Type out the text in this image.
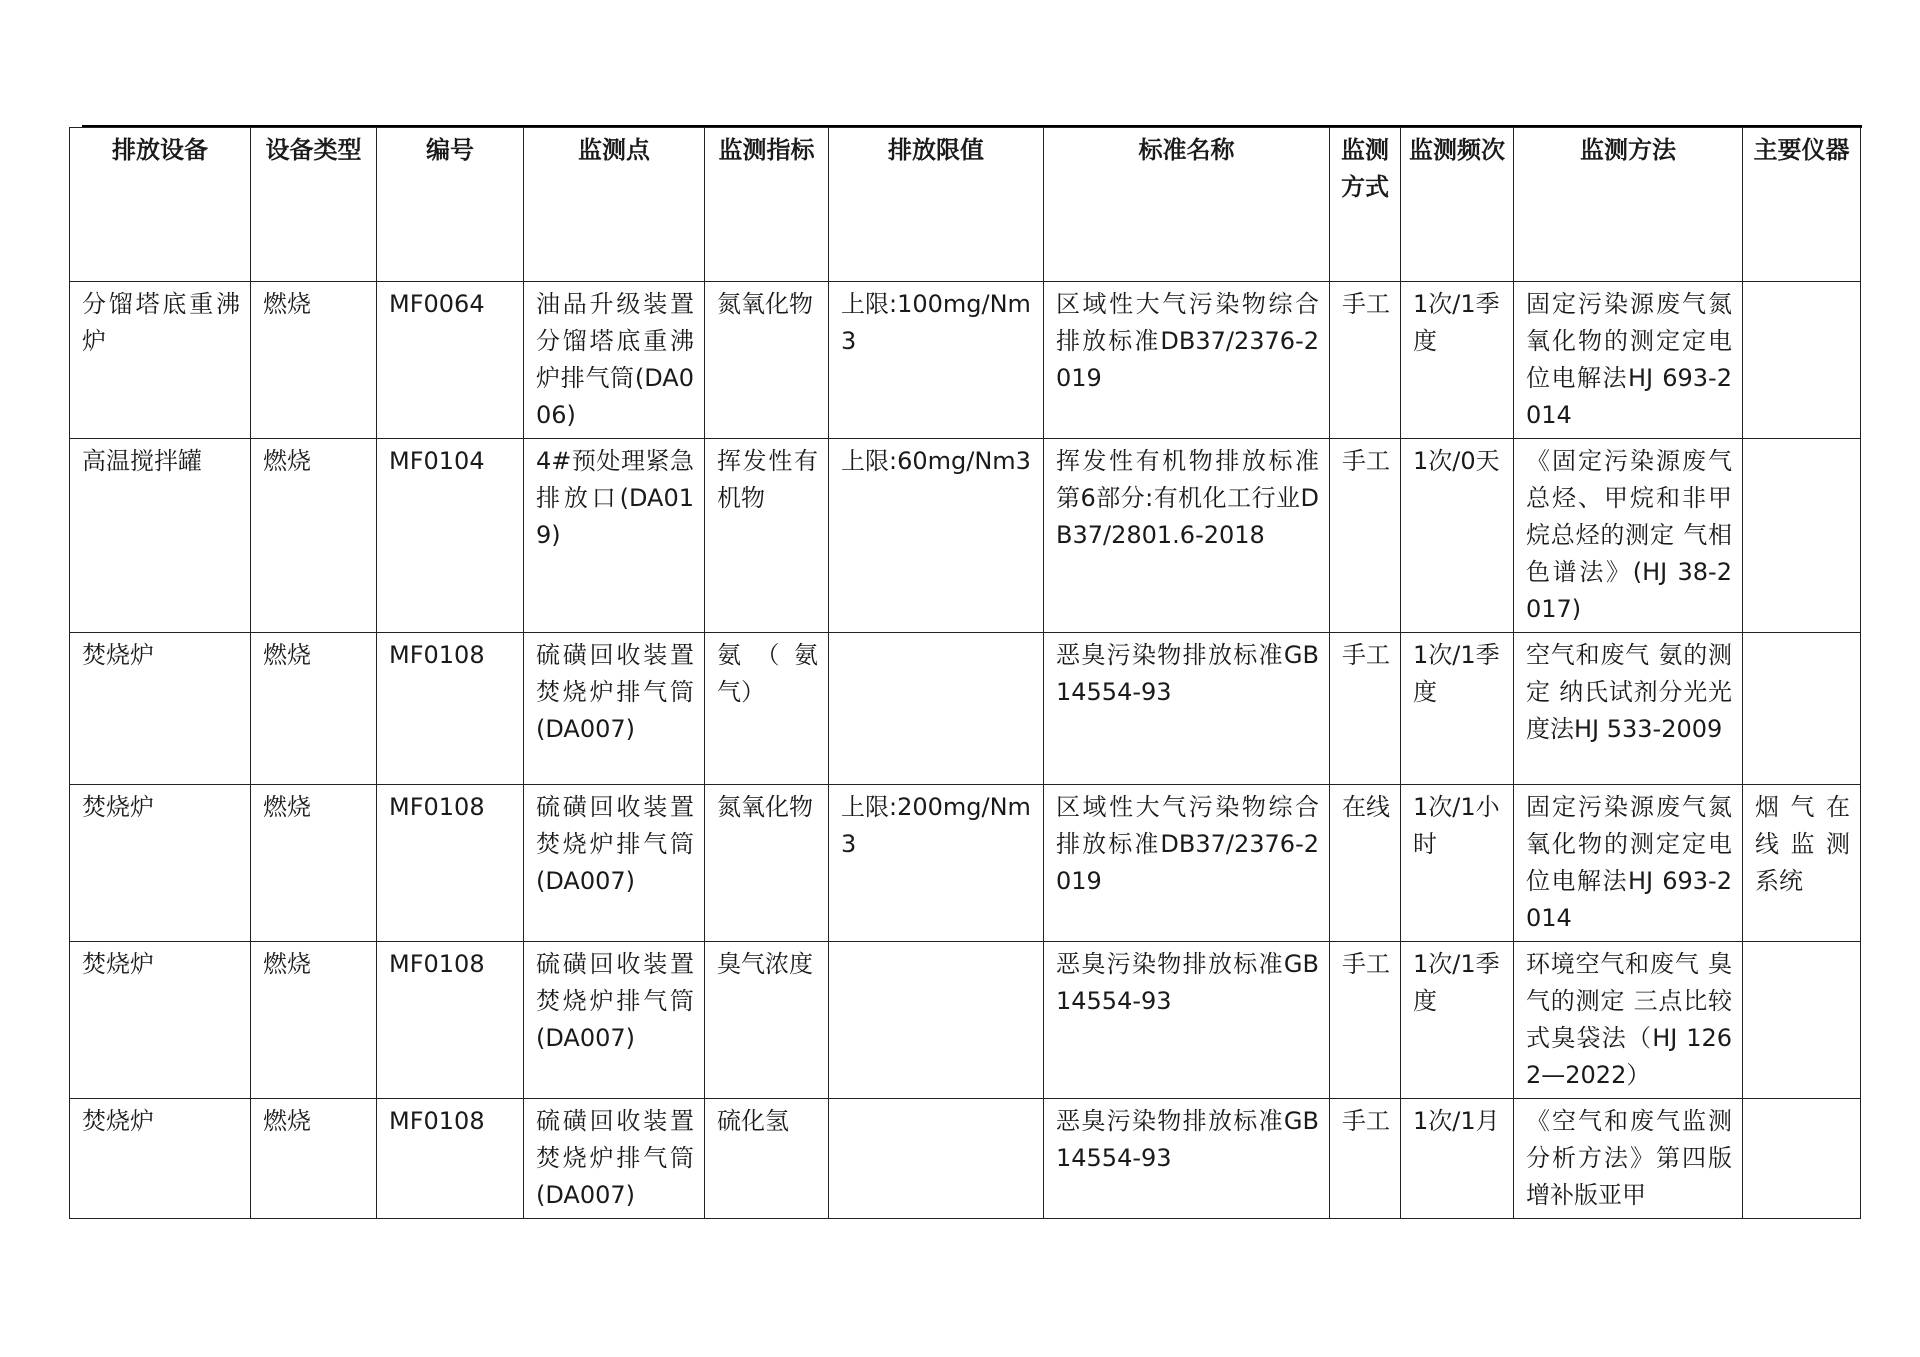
排放设备	设备类型	编号	监测点	监测指标	排放限值	标准名称	监测方式	监测频次	监测方法	主要仪器
分馏塔底重沸炉	燃烧	MF0064	油品升级装置分馏塔底重沸炉排气筒(DA006)	氮氧化物	上限:100mg/Nm3	区域性大气污染物综合排放标准DB37/2376-2019	手工	1次/1季度	固定污染源废气氮氧化物的测定定电位电解法HJ 693-2014	
高温搅拌罐	燃烧	MF0104	4#预处理紧急排放口(DA019)	挥发性有机物	上限:60mg/Nm3	挥发性有机物排放标准第6部分:有机化工行业DB37/2801.6-2018	手工	1次/0天	《固定污染源废气 总烃、甲烷和非甲烷总烃的测定 气相色谱法》(HJ 38-2017)	
焚烧炉	燃烧	MF0108	硫磺回收装置焚烧炉排气筒(DA007)	氨（氨气）		恶臭污染物排放标准GB 14554-93	手工	1次/1季度	空气和废气 氨的测定 纳氏试剂分光光度法HJ 533-2009	
焚烧炉	燃烧	MF0108	硫磺回收装置焚烧炉排气筒(DA007)	氮氧化物	上限:200mg/Nm3	区域性大气污染物综合排放标准DB37/2376-2019	在线	1次/1小时	固定污染源废气氮氧化物的测定定电位电解法HJ 693-2014	烟气在线监测系统
焚烧炉	燃烧	MF0108	硫磺回收装置焚烧炉排气筒(DA007)	臭气浓度		恶臭污染物排放标准GB 14554-93	手工	1次/1季度	环境空气和废气 臭气的测定 三点比较式臭袋法（HJ 1262—2022）	
焚烧炉	燃烧	MF0108	硫磺回收装置焚烧炉排气筒(DA007)	硫化氢		恶臭污染物排放标准GB 14554-93	手工	1次/1月	《空气和废气监测分析方法》第四版增补版亚甲	
